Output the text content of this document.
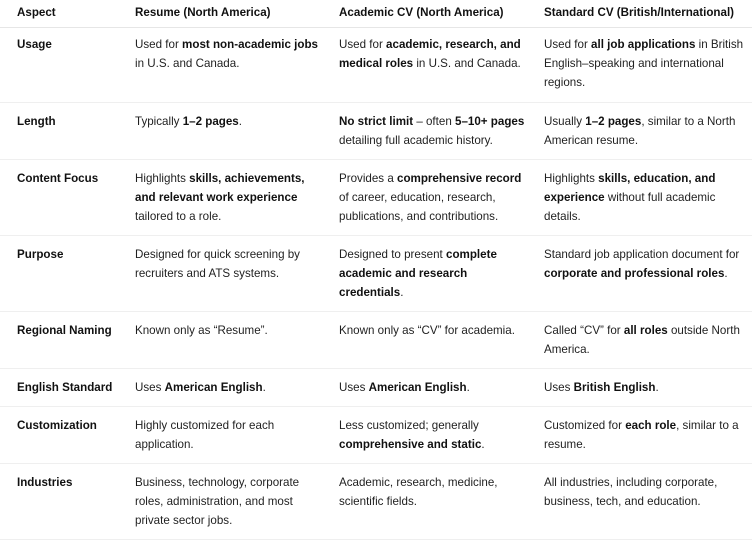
Aspect	Resume (North America)	Academic CV (North America)	Standard CV (British/International)

Usage	Used for most non-academic jobs in U.S. and Canada.	Used for academic, research, and medical roles in U.S. and Canada.	Used for all job applications in British English–speaking and international regions.

Length	Typically 1–2 pages.	No strict limit – often 5–10+ pages detailing full academic history.	Usually 1–2 pages, similar to a North American resume.

Content Focus	Highlights skills, achievements, and relevant work experience tailored to a role.	Provides a comprehensive record of career, education, research, publications, and contributions.	Highlights skills, education, and experience without full academic details.

Purpose	Designed for quick screening by recruiters and ATS systems.	Designed to present complete academic and research credentials.	Standard job application document for corporate and professional roles.

Regional Naming	Known only as “Resume”.	Known only as “CV” for academia.	Called “CV” for all roles outside North America.

English Standard	Uses American English.	Uses American English.	Uses British English.

Customization	Highly customized for each application.	Less customized; generally comprehensive and static.	Customized for each role, similar to a resume.

Industries	Business, technology, corporate roles, administration, and most private sector jobs.	Academic, research, medicine, scientific fields.	All industries, including corporate, business, tech, and education.
